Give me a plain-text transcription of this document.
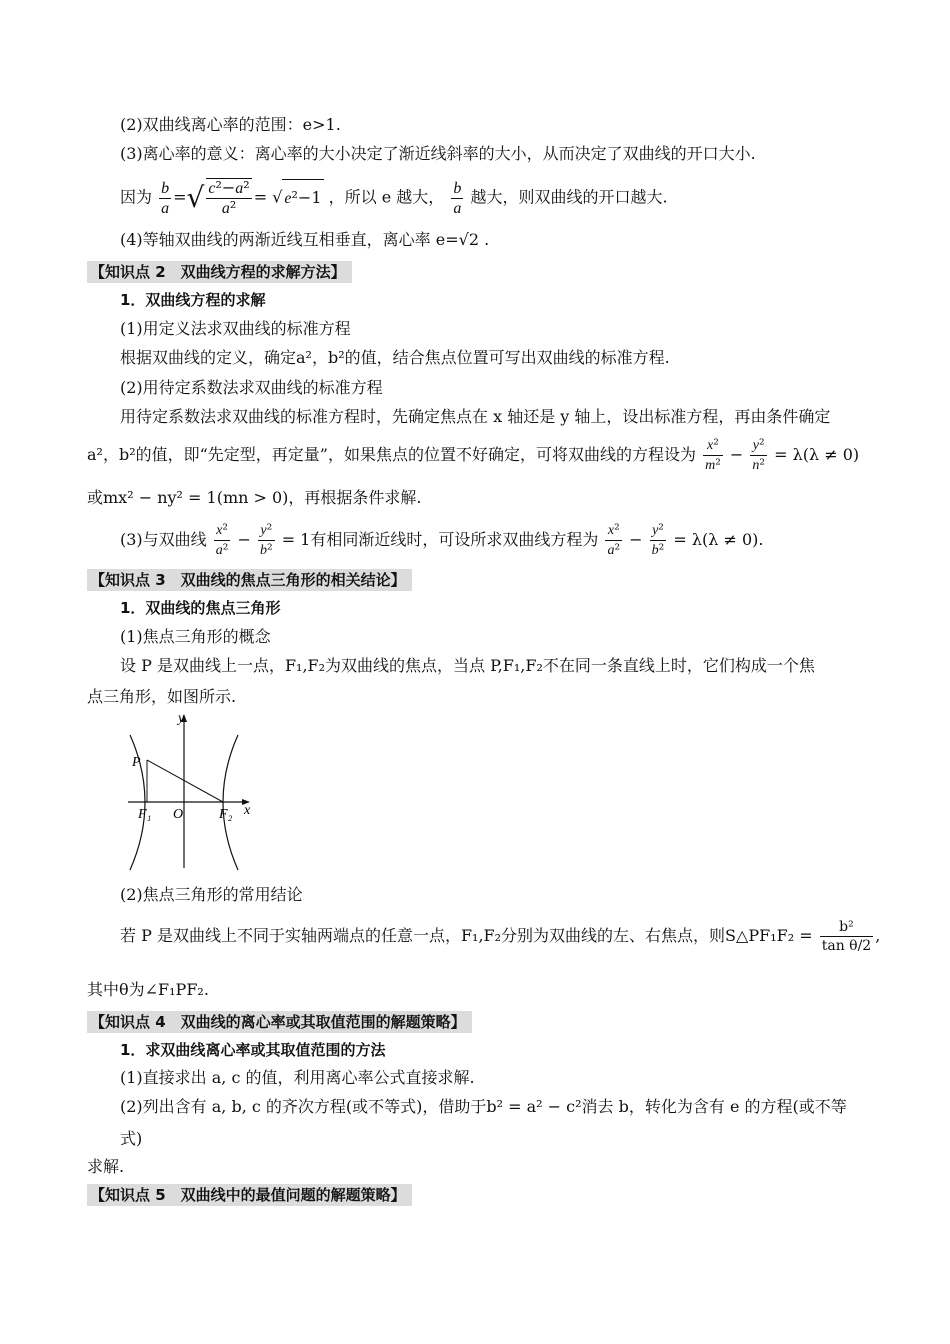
(2)双曲线离心率的范围：e>1.
(3)离心率的意义：离心率的大小决定了渐近线斜率的大小，从而决定了双曲线的开口大小.
因为 $\frac{b}{a}$ =√ $\frac{\text{c²−a²}}{\text{a²}}$ = √ e²−1 ，所以 e 越大， $\frac{b}{a}$ 越大，则双曲线的开口越大.
(4)等轴双曲线的两渐近线互相垂直，离心率 e=√2 .
【知识点 2　双曲线方程的求解方法】
1．双曲线方程的求解
(1)用定义法求双曲线的标准方程
根据双曲线的定义，确定a²，b²的值，结合焦点位置可写出双曲线的标准方程.
(2)用待定系数法求双曲线的标准方程
用待定系数法求双曲线的标准方程时，先确定焦点在 x 轴还是 y 轴上，设出标准方程，再由条件确定
a²，b²的值，即“先定型，再定量”，如果焦点的位置不好确定，可将双曲线的方程设为 $\frac{\text{x²}}{\text{m²}} - \frac{\text{y²}}{\text{n²}} = \lambda(\lambda \ne 0)$
或mx² − ny² = 1(mn > 0)，再根据条件求解.
(3)与双曲线 $\frac{\text{x²}}{\text{a²}} - \frac{\text{y²}}{\text{b²}} = 1$有相同渐近线时，可设所求双曲线方程为 $\frac{\text{x²}}{\text{a²}} - \frac{\text{y²}}{\text{b²}} = \lambda(\lambda \ne 0)$.
【知识点 3　双曲线的焦点三角形的相关结论】
1．双曲线的焦点三角形
(1)焦点三角形的概念
设 P 是双曲线上一点，F₁,F₂为双曲线的焦点，当点 P,F₁,F₂不在同一条直线上时，它们构成一个焦
点三角形，如图所示.
y
x
P
O
F₁	F₂
(2)焦点三角形的常用结论
若 P 是双曲线上不同于实轴两端点的任意一点，F₁,F₂分别为双曲线的左、右焦点，则S△PF₁F₂ = $\frac{\text{b²}}{\text{tan θ/2}}$ ,
其中θ为∠F₁PF₂.
【知识点 4　双曲线的离心率或其取值范围的解题策略】
1．求双曲线离心率或其取值范围的方法
(1)直接求出 a, c 的值，利用离心率公式直接求解.
(2)列出含有 a, b, c 的齐次方程(或不等式)，借助于b² = a² − c²消去 b，转化为含有 e 的方程(或不等
式)
求解.
【知识点 5　双曲线中的最值问题的解题策略】
